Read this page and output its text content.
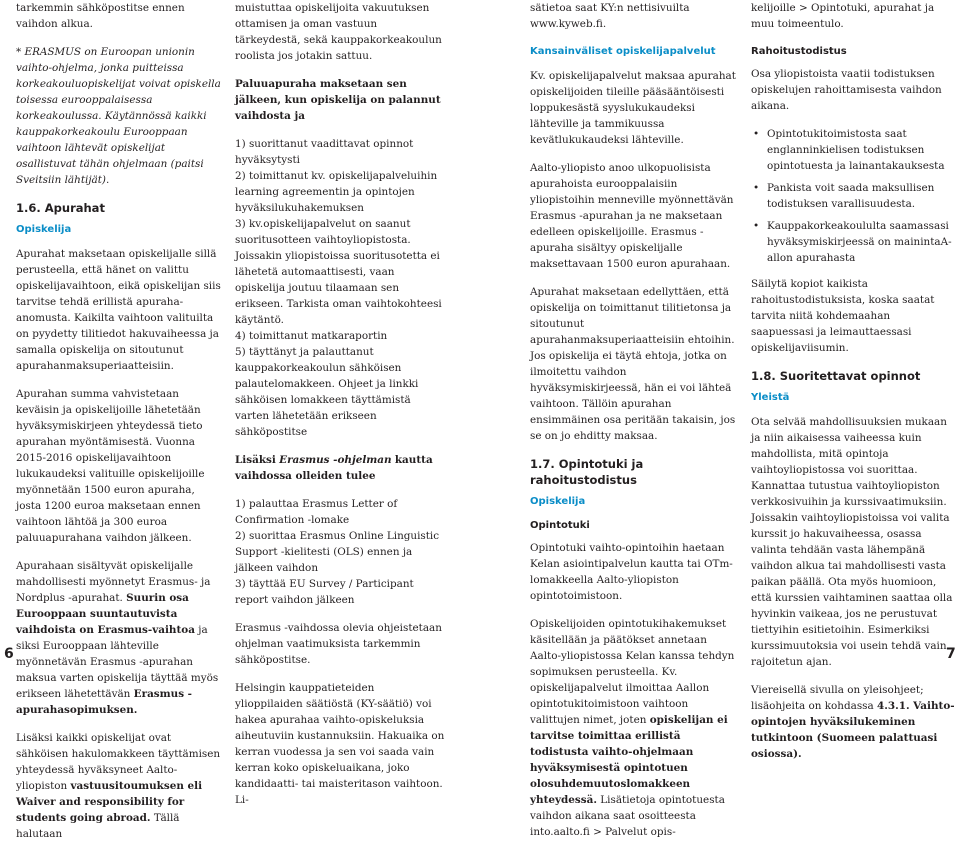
tarkemmin sähköpostitse ennen vaihdon alkua.

* ERASMUS on Euroopan unionin vaihto-ohjelma, jonka puitteissa korkeakouluopiskelijat voivat opiskella toisessa eurooppalaisessa korkeakoulussa. Käytännössä kaikki kauppakorkeakoulu Eurooppaan vaihtoon lähtevät opiskelijat osallistuvat tähän ohjelmaan (paitsi Sveitsiin lähtijät).

1.6. Apurahat
Opiskelija

Apurahat maksetaan opiskelijalle sillä perusteella, että hänet on valittu opiskelijavaihtoon, eikä opiskelijan siis tarvitse tehdä erillistä apuraha-anomusta. Kaikilta vaihtoon valituilta on pyydetty tilitiedot hakuvaiheessa ja samalla opiskelija on sitoutunut apurahanmaksuperiaatteisiin.

Apurahan summa vahvistetaan keväisin ja opiskelijoille lähetetään hyväksymiskirjeen yhteydessä tieto apurahan myöntämisestä. Vuonna 2015-2016 opiskelijavaihtoon lukukaudeksi valituille opiskelijoille myönnetään 1500 euron apuraha, josta 1200 euroa maksetaan ennen vaihtoon lähtöä ja 300 euroa paluuapurahana vaihdon jälkeen.

Apurahaan sisältyvät opiskelijalle mahdollisesti myönnetyt Erasmus- ja Nordplus -apurahat. Suurin osa Eurooppaan suuntautuvista vaihdoista on Erasmus-vaihtoa ja siksi Eurooppaan lähteville myönnetävän Erasmus -apurahan maksua varten opiskelija täyttää myös erikseen lähetettävän Erasmus -apurahasopimuksen.

Lisäksi kaikki opiskelijat ovat sähköisen hakulomakkeen täyttämisen yhteydessä hyväksyneet Aalto-yliopiston vastuusitoumuksen eli Waiver and responsibility for students going abroad. Tällä halutaan

muistuttaa opiskelijoita vakuutuksen ottamisen ja oman vastuun tärkeydestä, sekä kauppakorkeakoulun roolista jos jotakin sattuu.

Paluuapuraha maksetaan sen jälkeen, kun opiskelija on palannut vaihdosta ja

1) suorittanut vaadittavat opinnot hyväksytysti
2) toimittanut kv. opiskelijapalveluihin learning agreementin ja opintojen hyväksilukuhakemuksen
3) kv.opiskelijapalvelut on saanut suoritusotteen vaihtoyliopistosta. Joissakin yliopistoissa suoritusotetta ei lähetetä automaattisesti, vaan opiskelija joutuu tilaamaan sen erikseen. Tarkista oman vaihtokohteesi käytäntö.
4) toimittanut matkaraportin
5) täyttänyt ja palauttanut kauppakorkeakoulun sähköisen palautelomakkeen. Ohjeet ja linkki sähköisen lomakkeen täyttämistä varten lähetetään erikseen sähköpostitse

Lisäksi Erasmus -ohjelman kautta vaihdossa olleiden tulee

1) palauttaa Erasmus Letter of Confirmation -lomake
2) suorittaa Erasmus Online Linguistic Support -kielitesti (OLS) ennen ja jälkeen vaihdon
3) täyttää EU Survey / Participant report vaihdon jälkeen

Erasmus -vaihdossa olevia ohjeistetaan ohjelman vaatimuksista tarkemmin sähköpostitse.

Helsingin kauppatieteiden ylioppilaiden säätiöstä (KY-säätiö) voi hakea apurahaa vaihto-opiskeluksia aiheutuviin kustannuksiin. Hakuaika on kerran vuodessa ja sen voi saada vain kerran koko opiskeluaikana, joko kandidaatti- tai maisteritason vaihtoon. Li-

sätietoa saat KY:n nettisivuilta www.kyweb.fi.

Kansainväliset opiskelijapalvelut

Kv. opiskelijapalvelut maksaa apurahat opiskelijoiden tileille pääsääntöisesti loppukesästä syyslukukaudeksi lähteville ja tammikuussa kevätlukukaudeksi lähteville.

Aalto-yliopisto anoo ulkopuolisista apurahoista eurooppalaisiin yliopistoihin menneville myönnettävän Erasmus -apurahan ja ne maksetaan edelleen opiskelijoille. Erasmus -apuraha sisältyy opiskelijalle maksettavaan 1500 euron apurahaan.

Apurahat maksetaan edellyttäen, että opiskelija on toimittanut tilitietonsa ja sitoutunut apurahanmaksuperiaatteisiin ehtoihin. Jos opiskelija ei täytä ehtoja, jotka on ilmoitettu vaihdon hyväksymiskirjeessä, hän ei voi lähteä vaihtoon. Tällöin apurahan ensimmäinen osa peritään takaisin, jos se on jo ehditty maksaa.

1.7. Opintotuki ja rahoitustodistus
Opiskelija
Opintotuki

Opintotuki vaihto-opintoihin haetaan Kelan asiointipalvelun kautta tai OTm-lomakkeella Aalto-yliopiston opintotoimistoon.

Opiskelijoiden opintotukihakemukset käsitellään ja päätökset annetaan Aalto-yliopistossa Kelan kanssa tehdyn sopimuksen perusteella. Kv. opiskelijapalvelut ilmoittaa Aallon opintotukitoimistoon vaihtoon valittujen nimet, joten opiskelijan ei tarvitse toimittaa erillistä todistusta vaihto-ohjelmaan hyväksymisestä opintotuen olosuhdemuutoslomakkeen yhteydessä. Lisätietoja opintotuesta vaihdon aikana saat osoitteesta into.aalto.fi > Palvelut opis-

kelijoille > Opintotuki, apurahat ja muu toimeentulo.

Rahoitustodistus

Osa yliopistoista vaatii todistuksen opiskelujen rahoittamisesta vaihdon aikana.

• Opintotukitoimistosta saat englanninkielisen todistuksen opintotuesta ja lainantakauksesta
• Pankista voit saada maksullisen todistuksen varallisuudesta.
• Kauppakorkeakoululta saamassasi hyväksymiskirjeessä on mainintaA-allon apurahasta

Säilytä kopiot kaikista rahoitustodistuksista, koska saatat tarvita niitä kohdemaahan saapuessasi ja leimauttaessasi opiskelijaviisumin.

1.8. Suoritettavat opinnot
Yleistä

Ota selvää mahdollisuuksien mukaan ja niin aikaisessa vaiheessa kuin mahdollista, mitä opintoja vaihtoyliopistossa voi suorittaa. Kannattaa tutustua vaihtoyliopiston verkkosivuihin ja kurssivaatimuksiin. Joissakin vaihtoyliopistoissa voi valita kurssit jo hakuvaiheessa, osassa valinta tehdään vasta lähempänä vaihdon alkua tai mahdollisesti vasta paikan päällä. Ota myös huomioon, että kurssien vaihtaminen saattaa olla hyvinkin vaikeaa, jos ne perustuvat tiettyihin esitietoihin. Esimerkiksi kurssimuutoksia voi usein tehdä vain rajoitetun ajan.

Viereisellä sivulla on yleisohjeet; lisäohjeita on kohdassa 4.3.1. Vaihto-opintojen hyväksilukeminen tutkintoon (Suomeen palattuasi osiossa).

6	7
